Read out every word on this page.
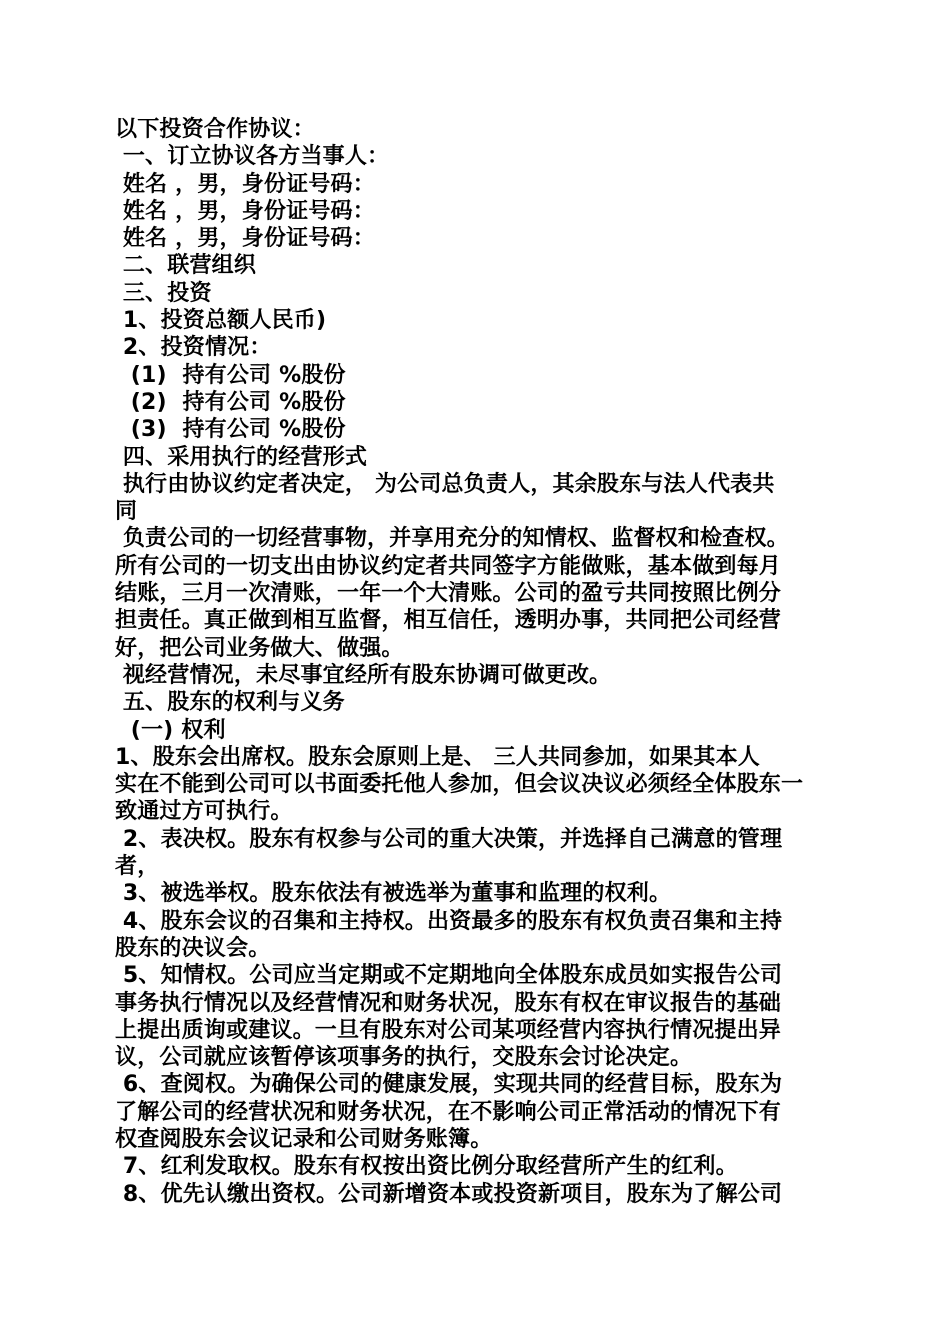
以下投资合作协议：
一、订立协议各方当事人：
姓名 ，男，身份证号码：
姓名 ，男，身份证号码：
姓名 ，男，身份证号码：
二、联营组织
三、投资
1、投资总额人民币)
2、投资情况：
(1)  持有公司 %股份
(2)  持有公司 %股份
(3)  持有公司 %股份
四、采用执行的经营形式
执行由协议约定者决定， 为公司总负责人，其余股东与法人代表共
同
负责公司的一切经营事物，并享用充分的知情权、监督权和检查权。
所有公司的一切支出由协议约定者共同签字方能做账，基本做到每月
结账，三月一次清账，一年一个大清账。公司的盈亏共同按照比例分
担责任。真正做到相互监督，相互信任，透明办事，共同把公司经营
好，把公司业务做大、做强。
视经营情况，未尽事宜经所有股东协调可做更改。
五、股东的权利与义务
(一) 权利
1、股东会出席权。股东会原则上是、 三人共同参加，如果其本人
实在不能到公司可以书面委托他人参加，但会议决议必须经全体股东一
致通过方可执行。
2、表决权。股东有权参与公司的重大决策，并选择自己满意的管理
者，
3、被选举权。股东依法有被选举为董事和监理的权利。
4、股东会议的召集和主持权。出资最多的股东有权负责召集和主持
股东的决议会。
5、知情权。公司应当定期或不定期地向全体股东成员如实报告公司
事务执行情况以及经营情况和财务状况，股东有权在审议报告的基础
上提出质询或建议。一旦有股东对公司某项经营内容执行情况提出异
议，公司就应该暂停该项事务的执行，交股东会讨论决定。
6、查阅权。为确保公司的健康发展，实现共同的经营目标，股东为
了解公司的经营状况和财务状况，在不影响公司正常活动的情况下有
权查阅股东会议记录和公司财务账簿。
7、红利发取权。股东有权按出资比例分取经营所产生的红利。
8、优先认缴出资权。公司新增资本或投资新项目，股东为了解公司
